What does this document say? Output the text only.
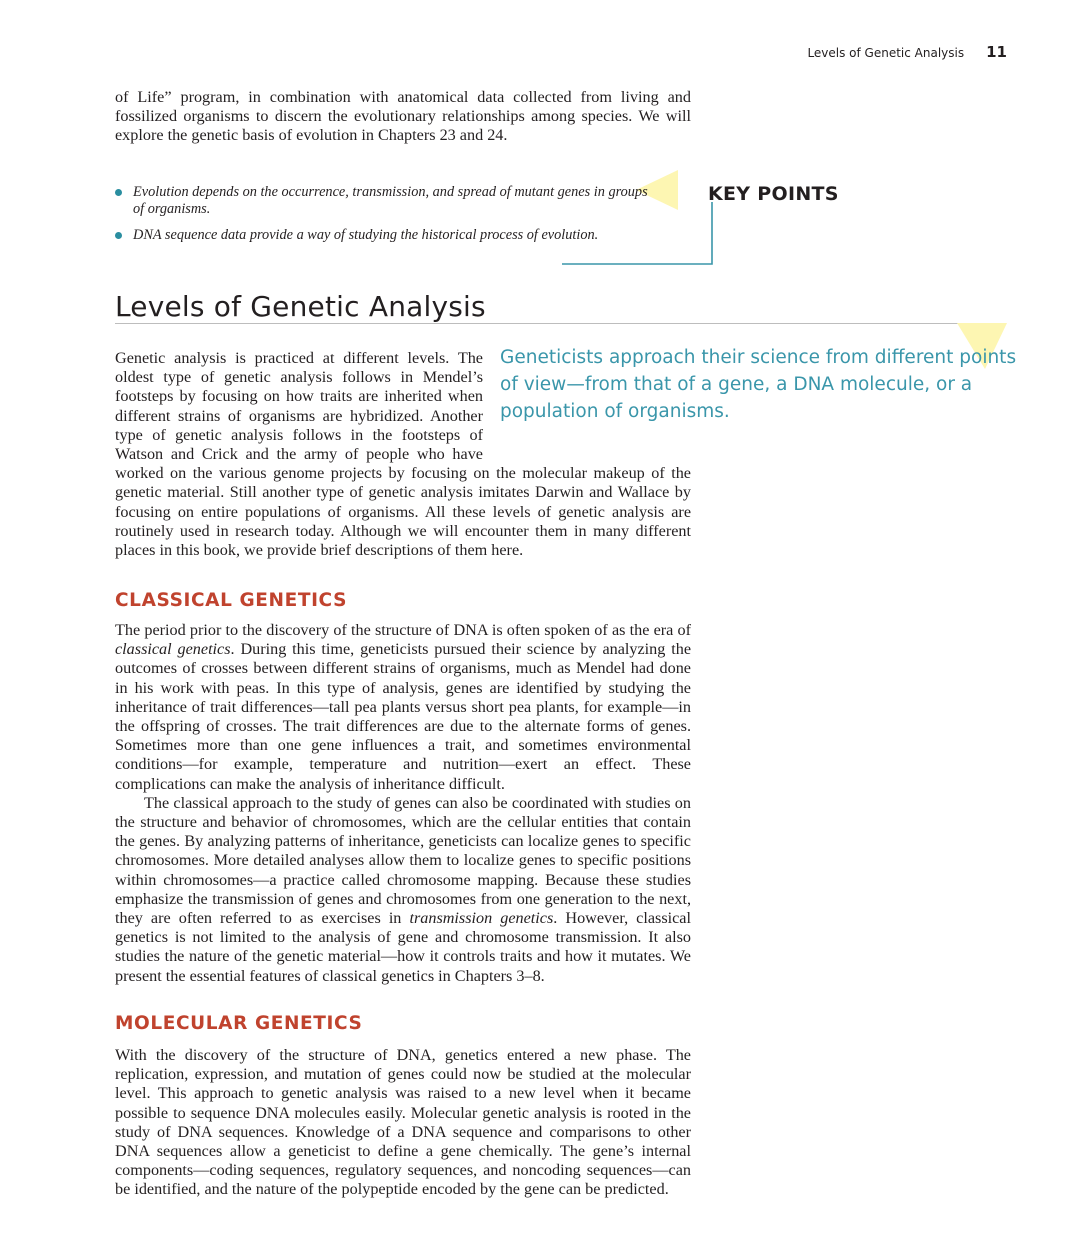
Levels of Genetic Analysis 11

of Life” program, in combination with anatomical data collected from living and fossilized organisms to discern the evolutionary relationships among species. We will explore the genetic basis of evolution in Chapters 23 and 24.

KEY POINTS
Evolution depends on the occurrence, transmission, and spread of mutant genes in groups of organisms.
DNA sequence data provide a way of studying the historical process of evolution.
Levels of Genetic Analysis
Geneticists approach their science from different points of view—from that of a gene, a DNA molecule, or a population of organisms.
Genetic analysis is practiced at different levels. The oldest type of genetic analysis follows in Mendel’s footsteps by focusing on how traits are inherited when different strains of organisms are hybridized. Another type of genetic analysis follows in the footsteps of Watson and Crick and the army of people who have worked on the various genome projects by focusing on the molecular makeup of the genetic material. Still another type of genetic analysis imitates Darwin and Wallace by focusing on entire populations of organisms. All these levels of genetic analysis are routinely used in research today. Although we will encounter them in many different places in this book, we provide brief descriptions of them here.
CLASSICAL GENETICS

The period prior to the discovery of the structure of DNA is often spoken of as the era of classical genetics. During this time, geneticists pursued their science by analyzing the outcomes of crosses between different strains of organisms, much as Mendel had done in his work with peas. In this type of analysis, genes are identified by studying the inheritance of trait differences—tall pea plants versus short pea plants, for example—in the offspring of crosses. The trait differences are due to the alternate forms of genes. Sometimes more than one gene influences a trait, and sometimes environmental conditions—for example, temperature and nutrition—exert an effect. These complications can make the analysis of inheritance difficult.

The classical approach to the study of genes can also be coordinated with studies on the structure and behavior of chromosomes, which are the cellular entities that contain the genes. By analyzing patterns of inheritance, geneticists can localize genes to specific chromosomes. More detailed analyses allow them to localize genes to specific positions within chromosomes—a practice called chromosome mapping. Because these studies emphasize the transmission of genes and chromosomes from one generation to the next, they are often referred to as exercises in transmission genetics. However, classical genetics is not limited to the analysis of gene and chromosome transmission. It also studies the nature of the genetic material—how it controls traits and how it mutates. We present the essential features of classical genetics in Chapters 3–8.

MOLECULAR GENETICS

With the discovery of the structure of DNA, genetics entered a new phase. The replication, expression, and mutation of genes could now be studied at the molecular level. This approach to genetic analysis was raised to a new level when it became possible to sequence DNA molecules easily. Molecular genetic analysis is rooted in the study of DNA sequences. Knowledge of a DNA sequence and comparisons to other DNA sequences allow a geneticist to define a gene chemically. The gene’s internal components—coding sequences, regulatory sequences, and noncoding sequences—can be identified, and the nature of the polypeptide encoded by the gene can be predicted.
